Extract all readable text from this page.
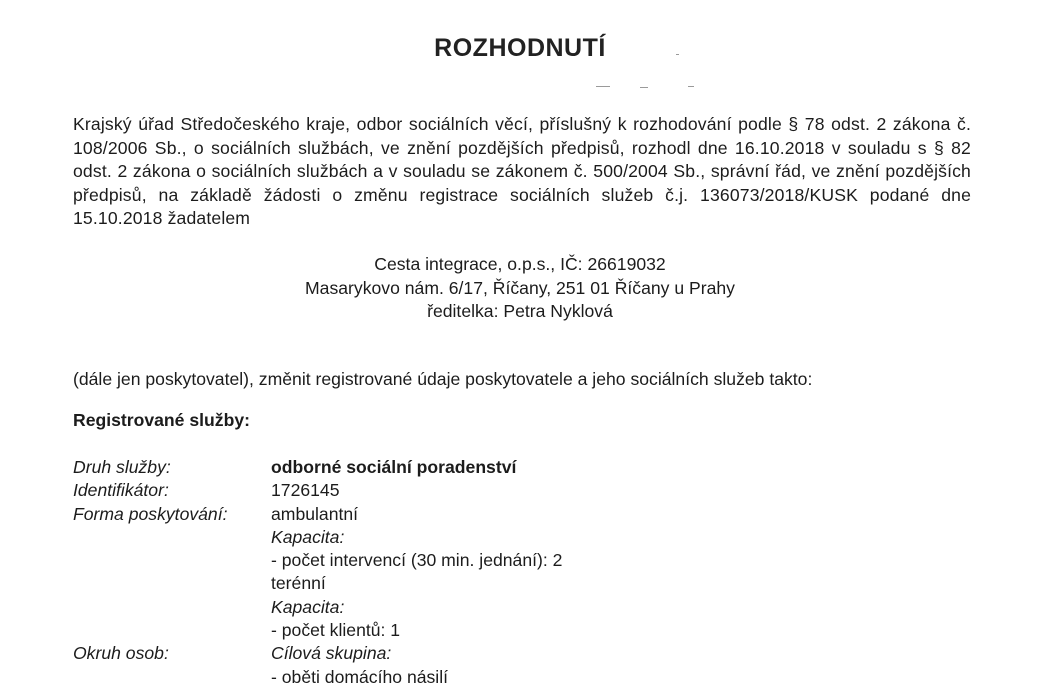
ROZHODNUTÍ
Krajský úřad Středočeského kraje, odbor sociálních věcí, příslušný k rozhodování podle § 78 odst. 2 zákona č. 108/2006 Sb., o sociálních službách, ve znění pozdějších předpisů, rozhodl dne 16.10.2018 v souladu s § 82 odst. 2 zákona o sociálních službách a v souladu se zákonem č. 500/2004 Sb., správní řád, ve znění pozdějších předpisů, na základě žádosti o změnu registrace sociálních služeb č.j. 136073/2018/KUSK podané dne 15.10.2018 žadatelem
Cesta integrace, o.p.s., IČ: 26619032
Masarykovo nám. 6/17, Říčany, 251 01 Říčany u Prahy
ředitelka: Petra Nyklová
(dále jen poskytovatel), změnit registrované údaje poskytovatele a jeho sociálních služeb takto:
Registrované služby:
Druh služby:	odborné sociální poradenství
Identifikátor:	1726145
Forma poskytování:	ambulantní
Kapacita:
- počet intervencí (30 min. jednání): 2
terénní
Kapacita:
- počet klientů: 1
Okruh osob:	Cílová skupina:
- oběti domácího násilí
